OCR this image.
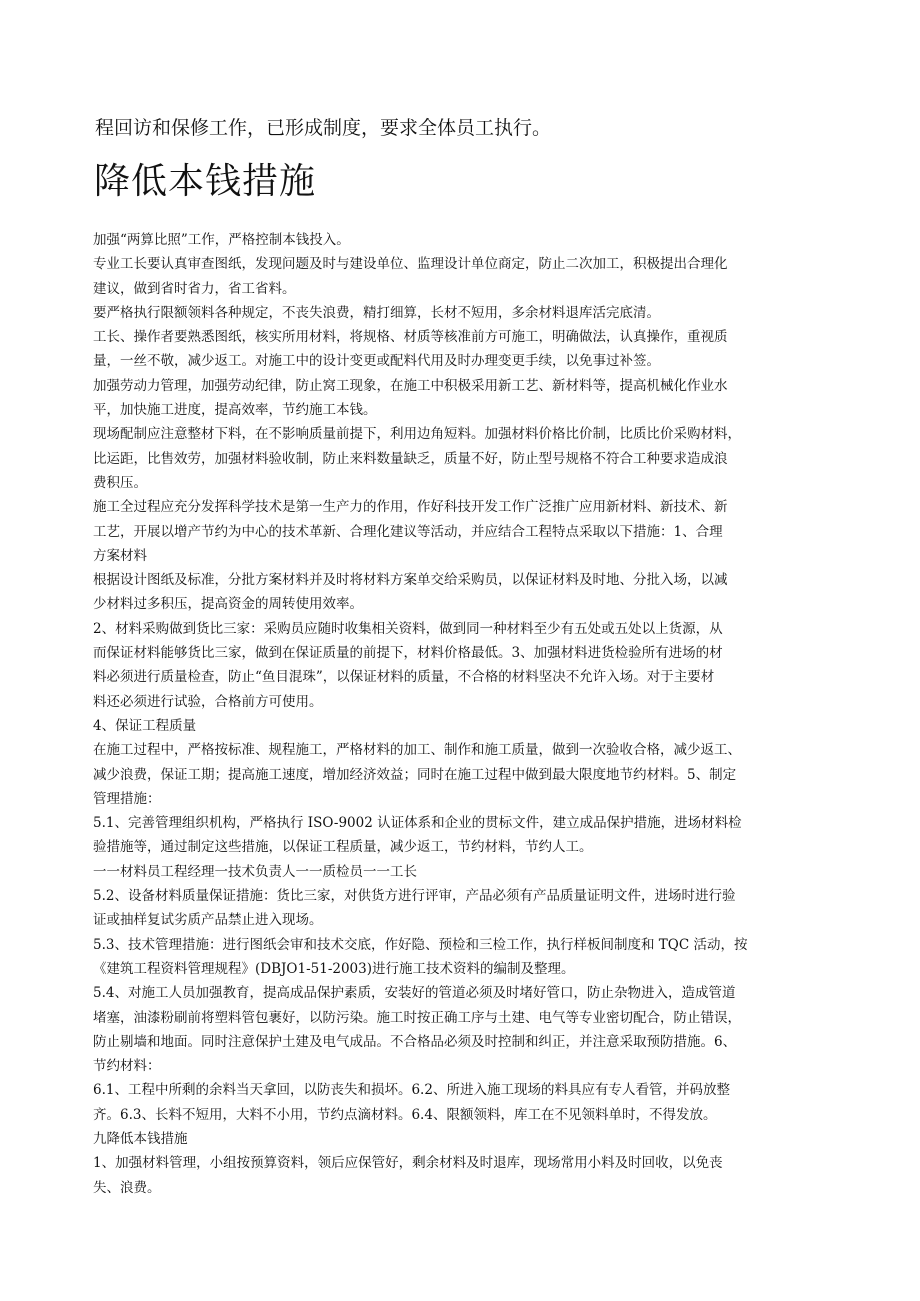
程回访和保修工作，已形成制度，要求全体员工执行。

降低本钱措施
加强“两算比照”工作，严格控制本钱投入。
专业工长要认真审查图纸，发现问题及时与建设单位、监理设计单位商定，防止二次加工，积极提出合理化
建议，做到省时省力，省工省料。
要严格执行限额领料各种规定，不丧失浪费，精打细算，长材不短用，多余材料退库活完底清。
工长、操作者要熟悉图纸，核实所用材料，将规格、材质等核准前方可施工，明确做法，认真操作，重视质
量，一丝不敬，减少返工。对施工中的设计变更或配料代用及时办理变更手续，以免事过补签。
加强劳动力管理，加强劳动纪律，防止窝工现象，在施工中积极采用新工艺、新材料等，提高机械化作业水
平，加快施工进度，提高效率，节约施工本钱。
现场配制应注意整材下料，在不影响质量前提下，利用边角短料。加强材料价格比价制，比质比价采购材料，
比运距，比售效劳，加强材料验收制，防止来料数量缺乏，质量不好，防止型号规格不符合工种要求造成浪
费积压。
施工全过程应充分发挥科学技术是第一生产力的作用，作好科技开发工作广泛推广应用新材料、新技术、新
工艺，开展以增产节约为中心的技术革新、合理化建议等活动，并应结合工程特点采取以下措施：1、合理
方案材料
根据设计图纸及标准，分批方案材料并及时将材料方案单交给采购员，以保证材料及时地、分批入场，以减
少材料过多积压，提高资金的周转使用效率。
2、材料采购做到货比三家：采购员应随时收集相关资料，做到同一种材料至少有五处或五处以上货源，从
而保证材料能够货比三家，做到在保证质量的前提下，材料价格最低。3、加强材料进货检验所有进场的材
料必须进行质量检查，防止“鱼目混珠”，以保证材料的质量，不合格的材料坚决不允许入场。对于主要材
料还必须进行试验，合格前方可使用。
4、保证工程质量
在施工过程中，严格按标准、规程施工，严格材料的加工、制作和施工质量，做到一次验收合格，减少返工、
减少浪费，保证工期；提高施工速度，增加经济效益；同时在施工过程中做到最大限度地节约材料。5、制定
管理措施：
5.1、完善管理组织机构，严格执行 ISO-9002 认证体系和企业的贯标文件，建立成品保护措施，进场材料检
验措施等，通过制定这些措施，以保证工程质量，减少返工，节约材料，节约人工。
一一材料员工程经理一技术负责人一一质检员一一工长
5.2、设备材料质量保证措施：货比三家，对供货方进行评审，产品必须有产品质量证明文件，进场时进行验
证或抽样复试劣质产品禁止进入现场。
5.3、技术管理措施：进行图纸会审和技术交底，作好隐、预检和三检工作，执行样板间制度和 TQC 活动，按
《建筑工程资料管理规程》(DBJO1-51-2003)进行施工技术资料的编制及整理。
5.4、对施工人员加强教育，提高成品保护素质，安装好的管道必须及时堵好管口，防止杂物进入，造成管道
堵塞，油漆粉刷前将塑料管包裹好，以防污染。施工时按正确工序与土建、电气等专业密切配合，防止错误，
防止剔墙和地面。同时注意保护土建及电气成品。不合格品必须及时控制和纠正，并注意采取预防措施。6、
节约材料：
6.1、工程中所剩的余料当天拿回，以防丧失和损坏。6.2、所进入施工现场的料具应有专人看管，并码放整
齐。6.3、长料不短用，大料不小用，节约点滴材料。6.4、限额领料，库工在不见领料单时，不得发放。
九降低本钱措施
1、加强材料管理，小组按预算资料，领后应保管好，剩余材料及时退库，现场常用小料及时回收，以免丧
失、浪费。
